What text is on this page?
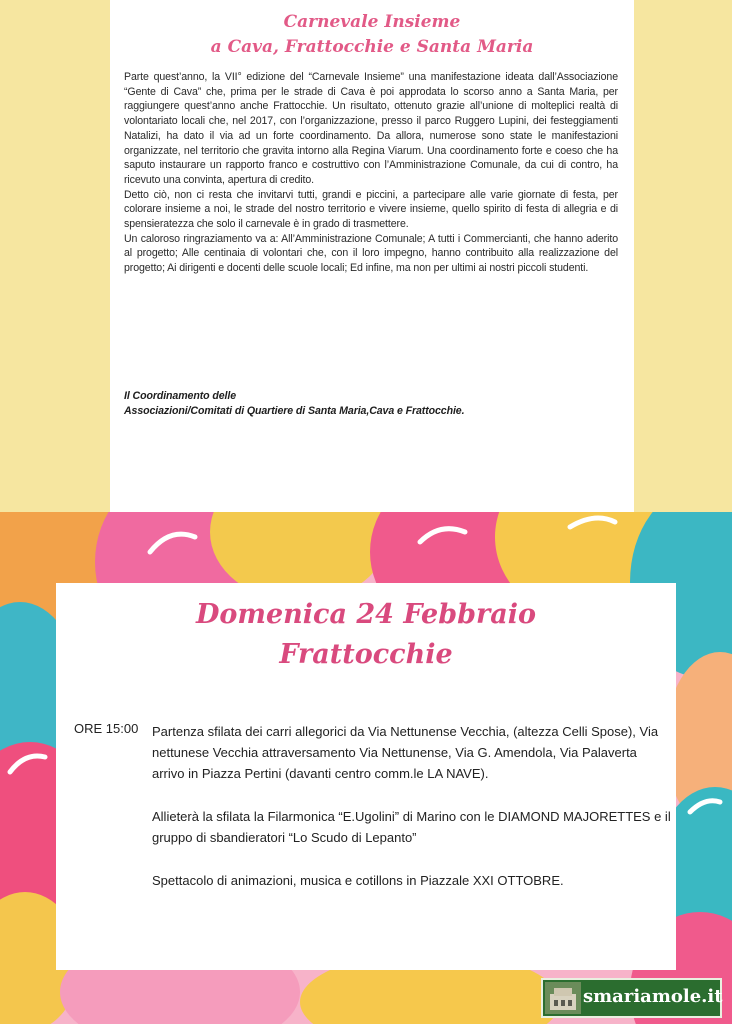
Carnevale Insieme
a Cava, Frattocchie e Santa Maria

Parte quest’anno, la VII° edizione del “Carnevale Insieme” una manifestazione ideata dall’Associazione “Gente di Cava” che, prima per le strade di Cava è poi approdata lo scorso anno a Santa Maria, per raggiungere quest’anno anche Frattocchie. Un risultato, ottenuto grazie all’unione di molteplici realtà di volontariato locali che, nel 2017, con l’organizzazione, presso il parco Ruggero Lupini, dei festeggiamenti Natalizi, ha dato il via ad un forte coordinamento. Da allora, numerose sono state le manifestazioni organizzate, nel territorio che gravita intorno alla Regina Viarum. Una coordinamento forte e coeso che ha saputo instaurare un rapporto franco e costruttivo con l’Amministrazione Comunale, da cui di contro, ha ricevuto una convinta, apertura di credito.

Detto ciò, non ci resta che invitarvi tutti, grandi e piccini, a partecipare alle varie giornate di festa, per colorare insieme a noi, le strade del nostro territorio e vivere insieme, quello spirito di festa di allegria e di spensieratezza che solo il carnevale è in grado di trasmettere.

Un caloroso ringraziamento va a: All’Amministrazione Comunale; A tutti i Commercianti, che hanno aderito al progetto; Alle centinaia di volontari che, con il loro impegno, hanno contribuito alla realizzazione del progetto; Ai dirigenti e docenti delle scuole locali; Ed infine, ma non per ultimi ai nostri piccoli studenti.

Il Coordinamento delle
Associazioni/Comitati di Quartiere di Santa Maria,Cava e Frattocchie.
Domenica 24 Febbraio
Frattocchie
ORE 15:00 Partenza sfilata dei carri allegorici da Via Nettunense Vecchia, (altezza Celli Spose), Via nettunese Vecchia attraversamento Via Nettunense, Via G. Amendola, Via Palaverta arrivo in Piazza Pertini (davanti centro comm.le LA NAVE).

Allieterà la sfilata la Filarmonica “E.Ugolini” di Marino con le DIAMOND MAJORETTES e il gruppo di sbandieratori “Lo Scudo di Lepanto”

Spettacolo di animazioni, musica e cotillons in Piazzale XXI OTTOBRE.

smariamole.it
